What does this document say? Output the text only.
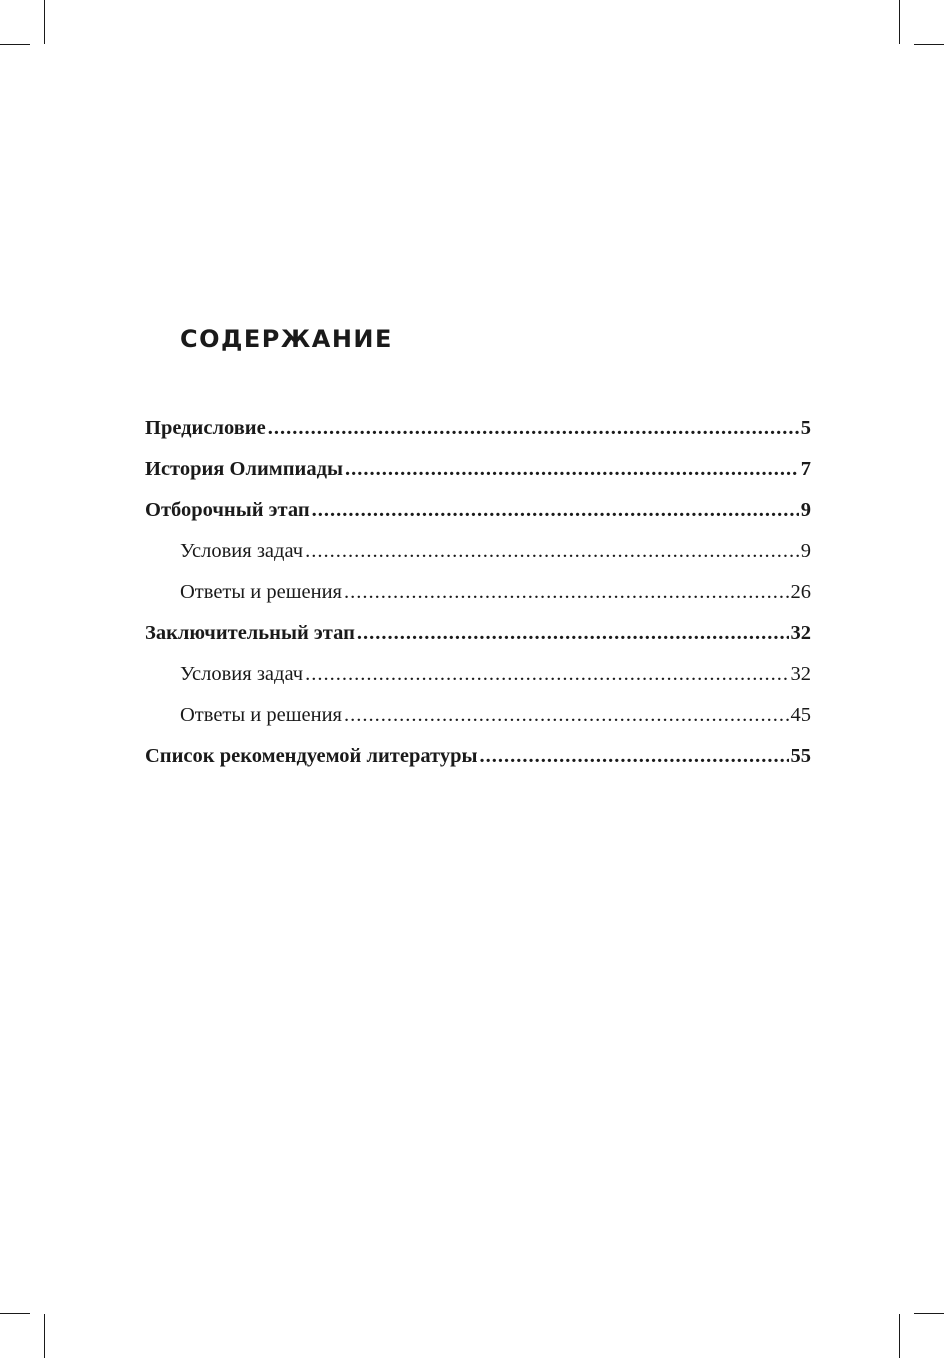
СОДЕРЖАНИЕ
Предисловие .....	5
История Олимпиады .....	7
Отборочный этап .....	9
Условия задач .....	9
Ответы и решения .....	26
Заключительный этап .....	32
Условия задач .....	32
Ответы и решения .....	45
Список рекомендуемой литературы .....	55
